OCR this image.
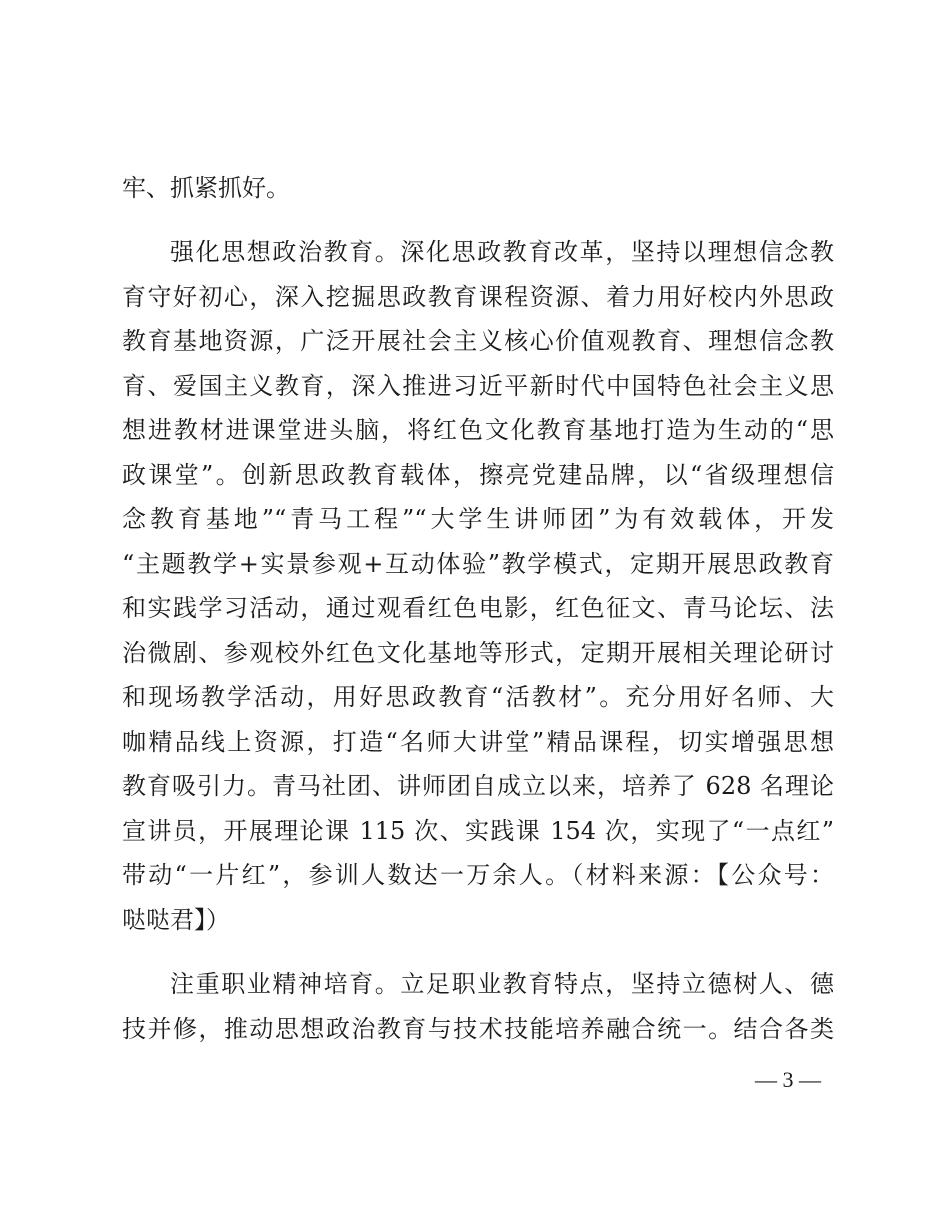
牢、抓紧抓好。
强化思想政治教育。深化思政教育改革，坚持以理想信念教
育守好初心，深入挖掘思政教育课程资源、着力用好校内外思政
教育基地资源，广泛开展社会主义核心价值观教育、理想信念教
育、爱国主义教育，深入推进习近平新时代中国特色社会主义思
想进教材进课堂进头脑，将红色文化教育基地打造为生动的“思
政课堂”。创新思政教育载体，擦亮党建品牌，以“省级理想信
念教育基地”“青马工程”“大学生讲师团”为有效载体，开发
“主题教学+实景参观+互动体验”教学模式，定期开展思政教育
和实践学习活动，通过观看红色电影，红色征文、青马论坛、法
治微剧、参观校外红色文化基地等形式，定期开展相关理论研讨
和现场教学活动，用好思政教育“活教材”。充分用好名师、大
咖精品线上资源，打造“名师大讲堂”精品课程，切实增强思想
教育吸引力。青马社团、讲师团自成立以来，培养了 628 名理论
宣讲员，开展理论课 115 次、实践课 154 次，实现了“一点红”
带动“一片红”，参训人数达一万余人。（材料来源：【公众号：
哒哒君】）
注重职业精神培育。立足职业教育特点，坚持立德树人、德
技并修，推动思想政治教育与技术技能培养融合统一。结合各类
— 3 —
